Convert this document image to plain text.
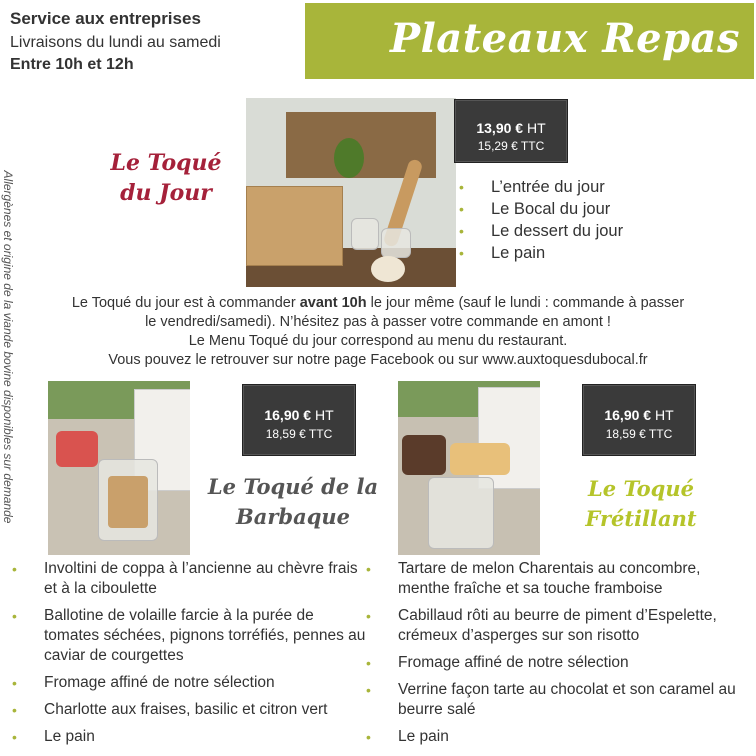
Service aux entreprises
Livraisons du lundi au samedi
Entre 10h et 12h
Plateaux Repas
Allergènes et origine de la viande bovine disponibles sur demande
Le Toqué
du Jour
13,90 € HT
15,29 € TTC
• L’entrée du jour
• Le Bocal du jour
• Le dessert du jour
• Le pain

Le Toqué du jour est à commander avant 10h le jour même (sauf le lundi : commande à passer

le vendredi/samedi). N’hésitez pas à passer votre commande en amont !

Le Menu Toqué du jour correspond au menu du restaurant.

Vous pouvez le retrouver sur notre page Facebook ou sur www.auxtoquesdubocal.fr

16,90 € HT
18,59 € TTC
Le Toqué de la
Barbaque
• Involtini de coppa à l’ancienne au chèvre frais et à la ciboulette
• Ballotine de volaille farcie à la purée de tomates séchées, pignons torréfiés, pennes au caviar de courgettes
• Fromage affiné de notre sélection
• Charlotte aux fraises, basilic et citron vert
• Le pain
16,90 € HT
18,59 € TTC
Le Toqué
Frétillant
• Tartare de melon Charentais au concombre, menthe fraîche et sa touche framboise
• Cabillaud rôti au beurre de piment d’Espelette, crémeux d’asperges sur son risotto
• Fromage affiné de notre sélection
• Verrine façon tarte au chocolat et son caramel au beurre salé
• Le pain
